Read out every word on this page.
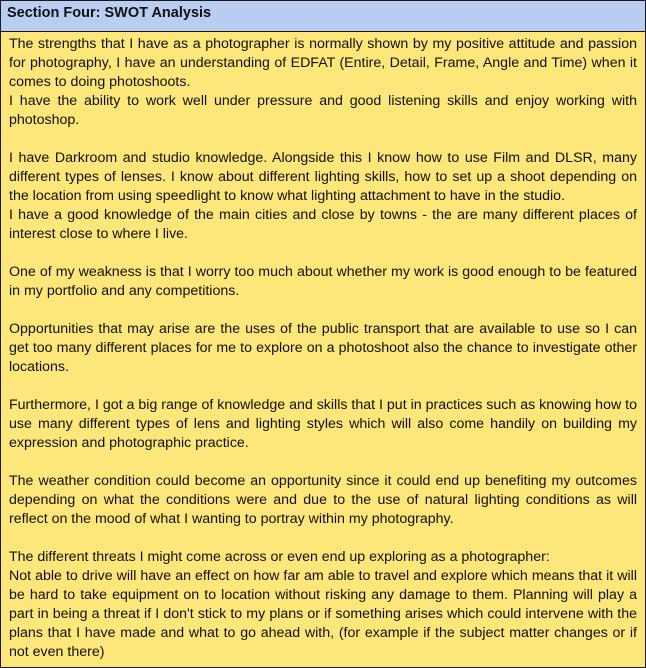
Section Four: SWOT Analysis

The strengths that I have as a photographer is normally shown by my positive attitude and passion for photography, I have an understanding of EDFAT (Entire, Detail, Frame, Angle and Time) when it comes to doing photoshoots.

I have the ability to work well under pressure and good listening skills and enjoy working with photoshop.

I have Darkroom and studio knowledge. Alongside this I know how to use Film and DLSR, many different types of lenses. I know about different lighting skills, how to set up a shoot depending on the location from using speedlight to know what lighting attachment to have in the studio.

I have a good knowledge of the main cities and close by towns - the are many different places of interest close to where I live.

One of my weakness is that I worry too much about whether my work is good enough to be featured in my portfolio and any competitions.

Opportunities that may arise are the uses of the public transport that are available to use so I can get too many different places for me to explore on a photoshoot also the chance to investigate other locations.

Furthermore, I got a big range of knowledge and skills that I put in practices such as knowing how to use many different types of lens and lighting styles which will also come handily on building my expression and photographic practice.

The weather condition could become an opportunity since it could end up benefiting my outcomes depending on what the conditions were and due to the use of natural lighting conditions as will reflect on the mood of what I wanting to portray within my photography.

The different threats I might come across or even end up exploring as a photographer:

Not able to drive will have an effect on how far am able to travel and explore which means that it will be hard to take equipment on to location without risking any damage to them. Planning will play a part in being a threat if I don't stick to my plans or if something arises which could intervene with the plans that I have made and what to go ahead with, (for example if the subject matter changes or if not even there)
